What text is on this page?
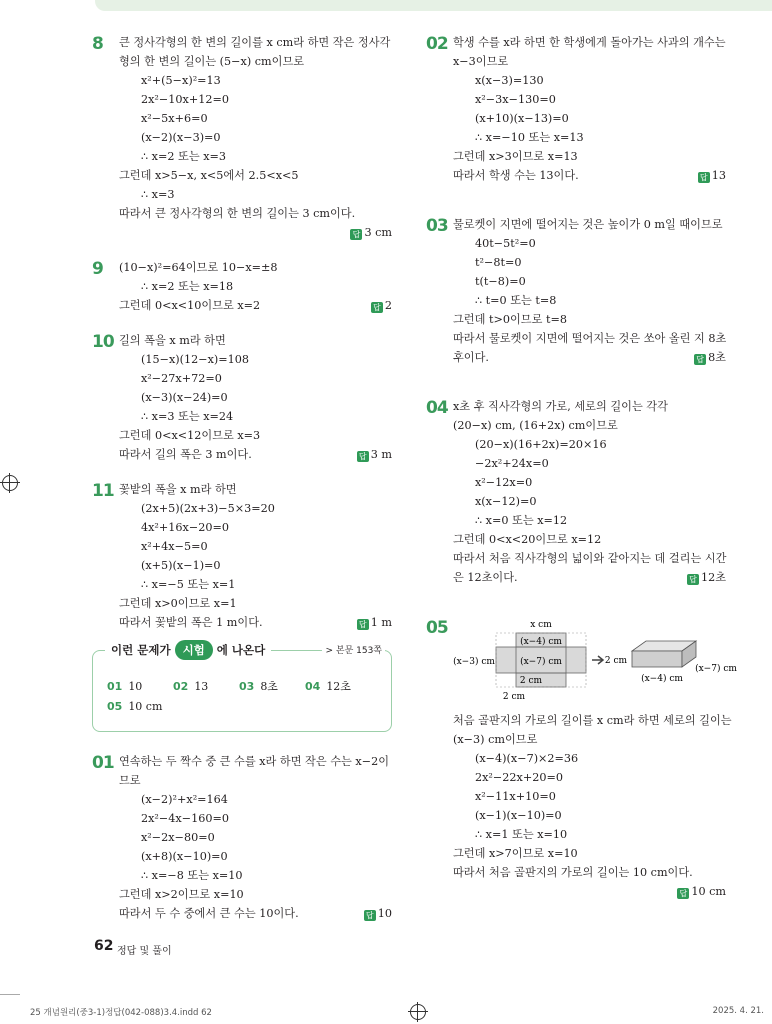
8 큰 정사각형의 한 변의 길이를 x cm라 하면 작은 정사각
형의 한 변의 길이는 (5−x) cm이므로
x²+(5−x)²=13
2x²−10x+12=0
x²−5x+6=0
(x−2)(x−3)=0
∴ x=2 또는 x=3
그런데 x>5−x, x<5에서 2.5<x<5
∴ x=3
따라서 큰 정사각형의 한 변의 길이는 3 cm이다.
답 3 cm
9 (10−x)²=64이므로 10−x=±8
∴ x=2 또는 x=18
그런데 0<x<10이므로 x=2	답 2
10 길의 폭을 x m라 하면
(15−x)(12−x)=108
x²−27x+72=0
(x−3)(x−24)=0
∴ x=3 또는 x=24
그런데 0<x<12이므로 x=3
따라서 길의 폭은 3 m이다.	답 3 m
11 꽃밭의 폭을 x m라 하면
(2x+5)(2x+3)−5×3=20
4x²+16x−20=0
x²+4x−5=0
(x+5)(x−1)=0
∴ x=−5 또는 x=1
그런데 x>0이므로 x=1
따라서 꽃밭의 폭은 1 m이다.	답 1 m
이런 문제가 시험 에 나온다	> 본문 153쪽
01 10	02 13	03 8초 04 12초
05 10 cm
01 연속하는 두 짝수 중 큰 수를 x라 하면 작은 수는 x−2이
므로
(x−2)²+x²=164
2x²−4x−160=0
x²−2x−80=0
(x+8)(x−10)=0
∴ x=−8 또는 x=10
그런데 x>2이므로 x=10
따라서 두 수 중에서 큰 수는 10이다.	답 10
02 학생 수를 x라 하면 한 학생에게 돌아가는 사과의 개수는
x−3이므로
x(x−3)=130
x²−3x−130=0
(x+10)(x−13)=0
∴ x=−10 또는 x=13
그런데 x>3이므로 x=13
따라서 학생 수는 13이다.	답 13
03 물로켓이 지면에 떨어지는 것은 높이가 0 m일 때이므로
40t−5t²=0
t²−8t=0
t(t−8)=0
∴ t=0 또는 t=8
그런데 t>0이므로 t=8
따라서 물로켓이 지면에 떨어지는 것은 쏘아 올린 지 8초
후이다.	답 8초
04 x초 후 직사각형의 가로, 세로의 길이는 각각
(20−x) cm, (16+2x) cm이므로
(20−x)(16+2x)=20×16
−2x²+24x=0
x²−12x=0
x(x−12)=0
∴ x=0 또는 x=12
그런데 0<x<20이므로 x=12
따라서 처음 직사각형의 넓이와 같아지는 데 걸리는 시간
은 12초이다.	답 12초
05
(x−4) cm
(x−7) cm
2 cm
x cm
(x−3) cm
2 cm
2 cm
(x−7) cm
(x−4) cm
처음 골판지의 가로의 길이를 x cm라 하면 세로의 길이는
(x−3) cm이므로
(x−4)(x−7)×2=36
2x²−22x+20=0
x²−11x+10=0
(x−1)(x−10)=0
∴ x=1 또는 x=10
그런데 x>7이므로 x=10
따라서 처음 골판지의 가로의 길이는 10 cm이다.
답 10 cm
62 정답 및 풀이
25 개념원리(중3-1)정답(042-088)3.4.indd 62	2025. 4. 21.
